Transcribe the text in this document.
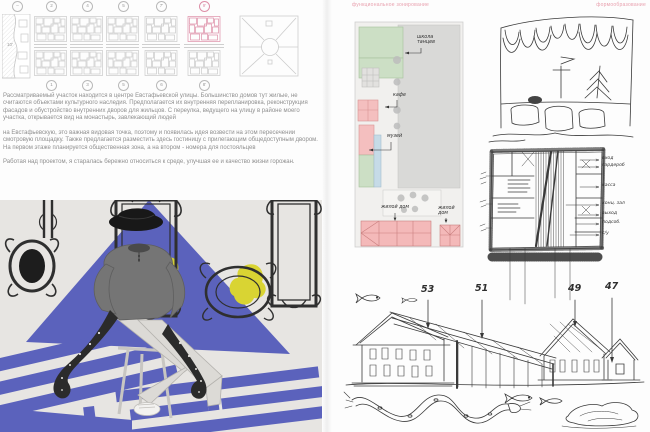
–	2	4	5	7'	9'
1	3	5	6	8'
10'

Рассматриваемый участок находится в центре Евстафьевской улицы. Большинство домов тут жилые, не считаются объектами культурного наследия. Предполагается их внутренняя перепланировка, реконструкция фасадов и обустройство внутренних дворов для жильцов. С переулка, ведущего на улицу в районе моего участка, открывается вид на монастырь, завлекающий людей

на Евстафьевскую, это важная видовая точка, поэтому и появилась идея возвести на этом пересечении смотровую площадку. Также предлагается разместить здесь гостиницу с прилегающим общедоступным двором. На первом этаже планируется общественная зона, а на втором - номера для постояльцев

Работая над проектом, я старалась бережно относиться к среде, улучшая ее и качество жизни горожан.

функциональное зонирование	формообразование
школа танцев
кафе
музей
жилой дом	жилой дом
вход
гардероб
касса
конц. зал
выход
подсоб.
с/у
53	51	49	47
